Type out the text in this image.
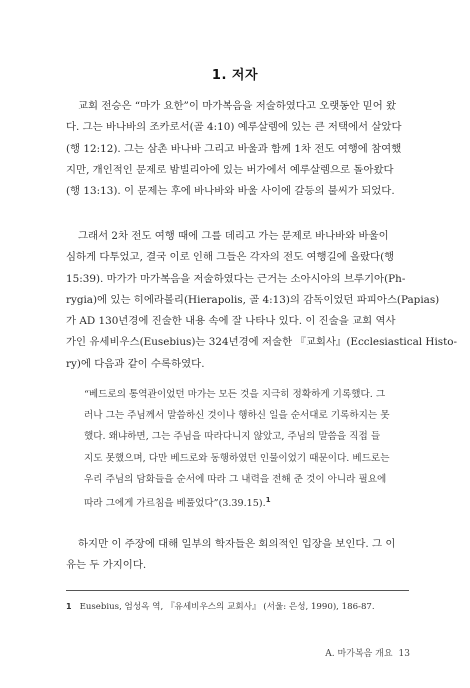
1. 저자
교회 전승은 “마가 요한”이 마가복음을 저술하였다고 오랫동안 믿어 왔
다. 그는 바나바의 조카로서(골 4:10) 예루살렘에 있는 큰 저택에서 살았다
(행 12:12). 그는 삼촌 바나바 그리고 바울과 함께 1차 전도 여행에 참여했
지만, 개인적인 문제로 밤빌리아에 있는 버가에서 예루살렘으로 돌아왔다
(행 13:13). 이 문제는 후에 바나바와 바울 사이에 갈등의 불씨가 되었다.
그래서 2차 전도 여행 때에 그를 데리고 가는 문제로 바나바와 바울이
심하게 다투었고, 결국 이로 인해 그들은 각자의 전도 여행길에 올랐다(행
15:39). 마가가 마가복음을 저술하였다는 근거는 소아시아의 브루기아(Ph-
rygia)에 있는 히에라볼리(Hierapolis, 골 4:13)의 감독이었던 파피아스(Papias)
가 AD 130년경에 진술한 내용 속에 잘 나타나 있다. 이 진술을 교회 역사
가인 유세비우스(Eusebius)는 324년경에 저술한 『교회사』(Ecclesiastical Histo-
ry)에 다음과 같이 수록하였다.
“베드로의 통역관이었던 마가는 모든 것을 지극히 정확하게 기록했다. 그
러나 그는 주님께서 말씀하신 것이나 행하신 일을 순서대로 기록하지는 못
했다. 왜냐하면, 그는 주님을 따라다니지 않았고, 주님의 말씀을 직접 들
지도 못했으며, 다만 베드로와 동행하였던 인물이었기 때문이다. 베드로는
우리 주님의 담화들을 순서에 따라 그 내력을 전해 준 것이 아니라 필요에
따라 그에게 가르침을 베풀었다”(3.39.15).$^1$
하지만 이 주장에 대해 일부의 학자들은 회의적인 입장을 보인다. 그 이
유는 두 가지이다.
1 Eusebius, 엄성옥 역, 『유세비우스의 교회사』 (서울: 은성, 1990), 186-87.
A. 마가복음 개요 13
